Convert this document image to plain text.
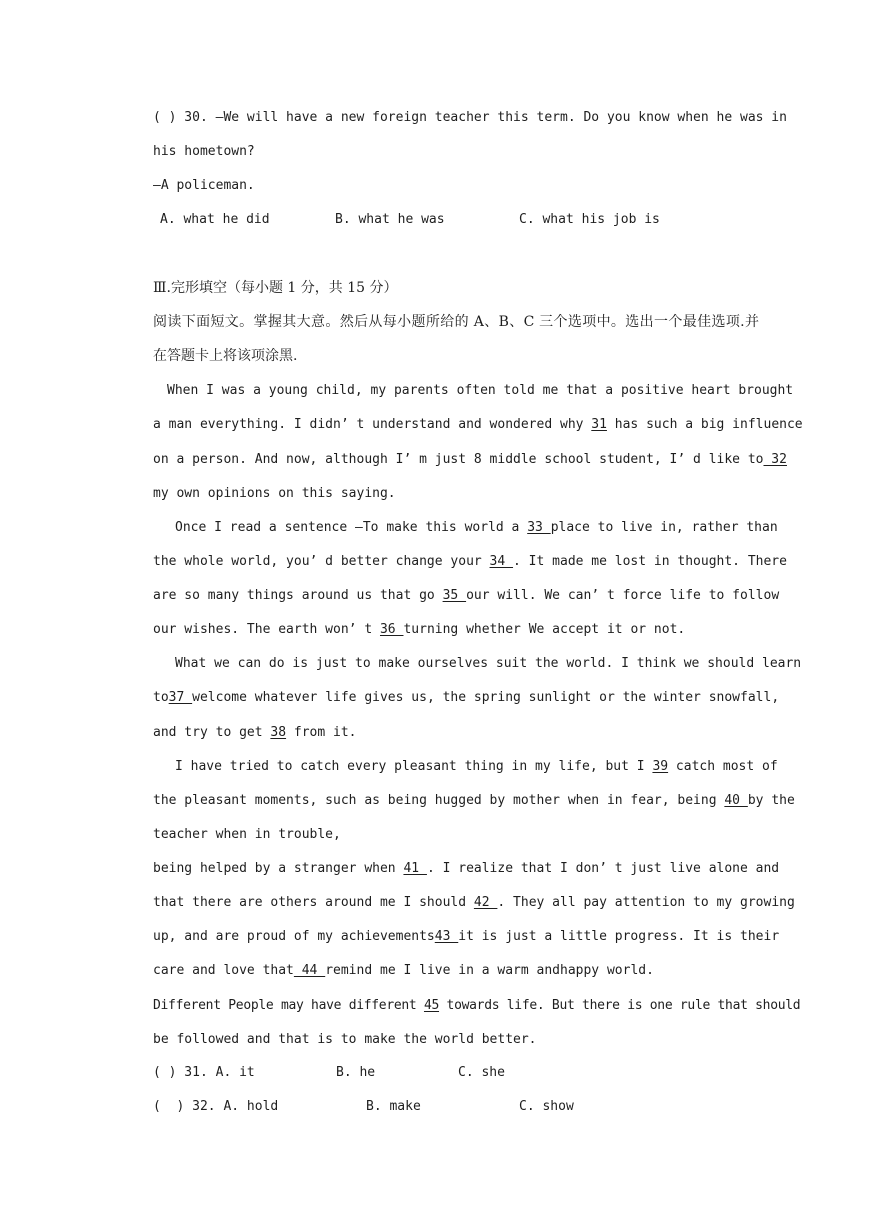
( ) 30. —We will have a new foreign teacher this term. Do you know when he was in
his hometown?
—A policeman.
A. what he did	B. what he was	C. what his job is
Ⅲ.完形填空（每小题 1 分，共 15 分）
阅读下面短文。掌握其大意。然后从每小题所给的 A、B、C 三个选项中。选出一个最佳选项.并
在答题卡上将该项涂黑.
When I was a young child, my parents often told me that a positive heart brought
a man everything. I didn’ t understand and wondered why 31 has such a big influence
on a person. And now, although I’ m just 8 middle school student, I’ d like to 32
my own opinions on this saying.
Once I read a sentence —To make this world a 33 place to live in, rather than
the whole world, you’ d better change your 34 . It made me lost in thought. There
are so many things around us that go 35 our will. We can’ t force life to follow
our wishes. The earth won’ t 36 turning whether We accept it or not.
What we can do is just to make ourselves suit the world. I think we should learn
to37 welcome whatever life gives us, the spring sunlight or the winter snowfall,
and try to get 38 from it.
I have tried to catch every pleasant thing in my life, but I 39 catch most of
the pleasant moments, such as being hugged by mother when in fear, being 40 by the
teacher when in trouble,
being helped by a stranger when 41 . I realize that I don’ t just live alone and
that there are others around me I should 42 . They all pay attention to my growing
up, and are proud of my achievements43 it is just a little progress. It is their
care and love that 44 remind me I live in a warm andhappy world.
Different People may have different 45 towards life. But there is one rule that should
be followed and that is to make the world better.
( ) 31. A. it	B. he	C. she
(  ) 32. A. hold	B. make	C. show
